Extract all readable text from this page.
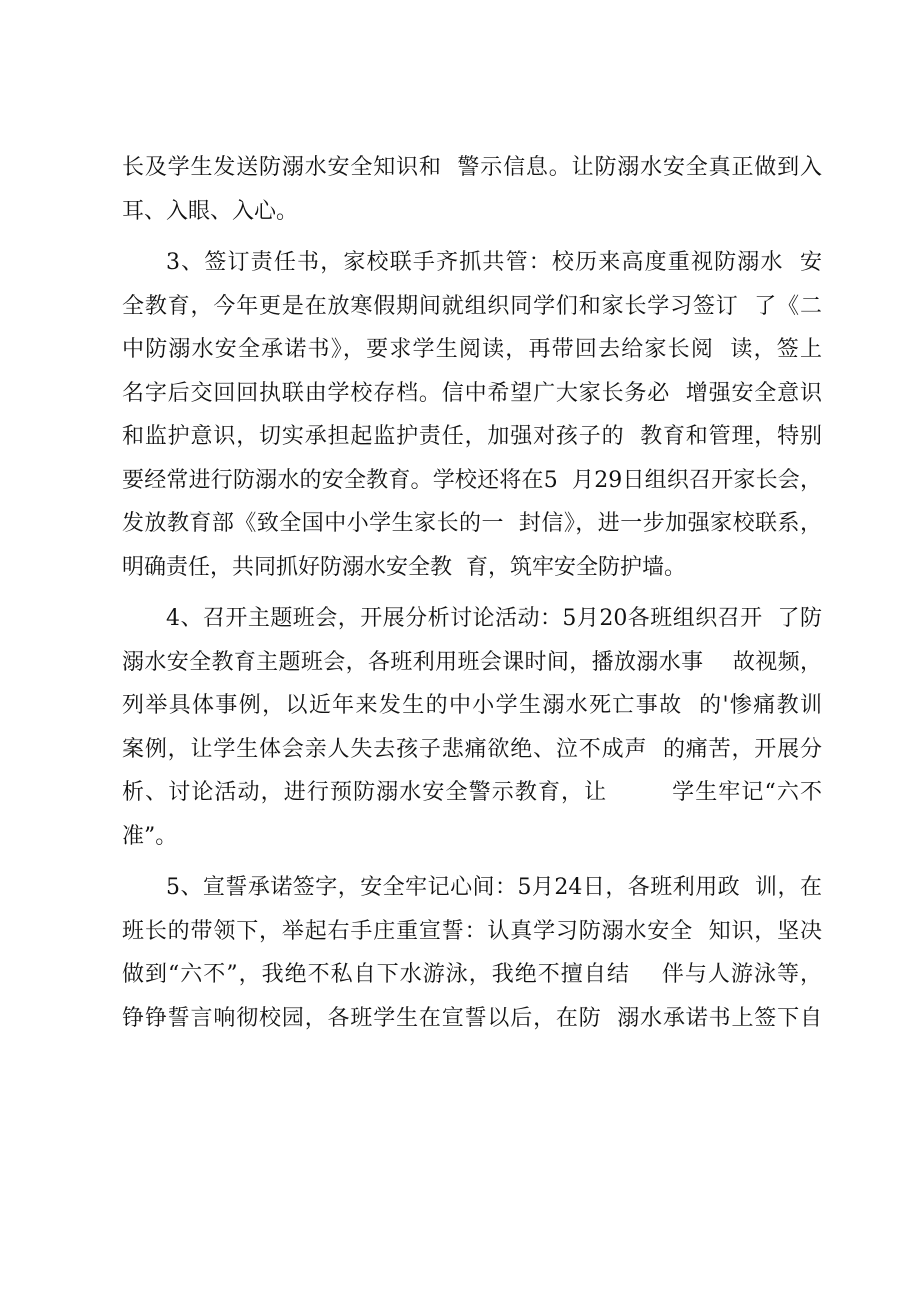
长及学生发送防溺水安全知识和  警示信息。让防溺水安全真正做到入
耳、入眼、入心。
3、签订责任书，家校联手齐抓共管：校历来高度重视防溺水  安
全教育，今年更是在放寒假期间就组织同学们和家长学习签订  了《二
中防溺水安全承诺书》，要求学生阅读，再带回去给家长阅  读，签上
名字后交回回执联由学校存档。信中希望广大家长务必  增强安全意识
和监护意识，切实承担起监护责任，加强对孩子的  教育和管理，特别
要经常进行防溺水的安全教育。学校还将在5  月29日组织召开家长会，
发放教育部《致全国中小学生家长的一  封信》，进一步加强家校联系，
明确责任，共同抓好防溺水安全教  育，筑牢安全防护墙。
4、召开主题班会，开展分析讨论活动：5月20各班组织召开  了防
溺水安全教育主题班会，各班利用班会课时间，播放溺水事    故视频，
列举具体事例，以近年来发生的中小学生溺水死亡事故  的'惨痛教训
案例，让学生体会亲人失去孩子悲痛欲绝、泣不成声  的痛苦，开展分
析、讨论活动，进行预防溺水安全警示教育，让        学生牢记“六不
准”。
5、宣誓承诺签字，安全牢记心间：5月24日，各班利用政  训，在
班长的带领下，举起右手庄重宣誓：认真学习防溺水安全  知识，坚决
做到“六不”，我绝不私自下水游泳，我绝不擅自结    伴与人游泳等，
铮铮誓言响彻校园，各班学生在宣誓以后，在防  溺水承诺书上签下自
